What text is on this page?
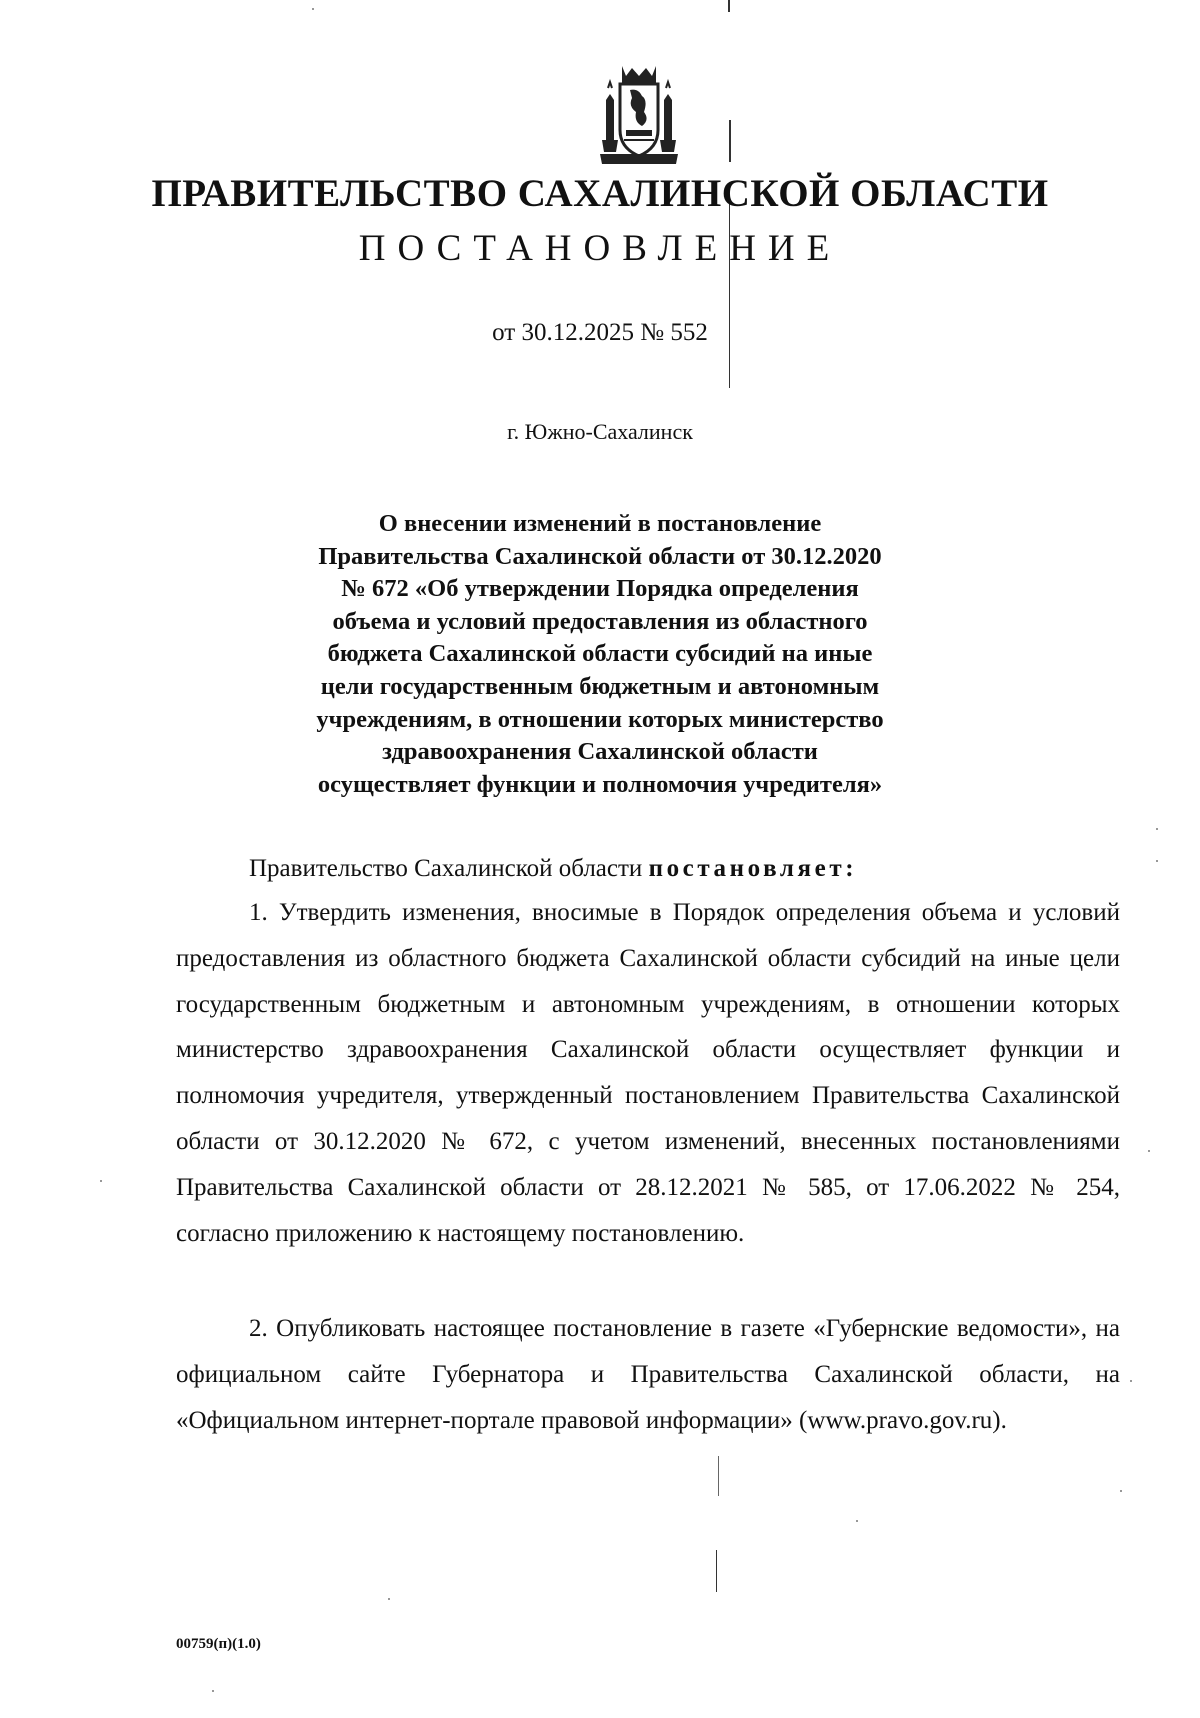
ПРАВИТЕЛЬСТВО САХАЛИНСКОЙ ОБЛАСТИ
ПОСТАНОВЛЕНИЕ
от 30.12.2025 № 552
г. Южно-Сахалинск
О внесении изменений в постановление
Правительства Сахалинской области от 30.12.2020
№ 672 «Об утверждении Порядка определения
объема и условий предоставления из областного
бюджета Сахалинской области субсидий на иные
цели государственным бюджетным и автономным
учреждениям, в отношении которых министерство
здравоохранения Сахалинской области
осуществляет функции и полномочия учредителя»
Правительство Сахалинской области постановляет:
1. Утвердить изменения, вносимые в Порядок определения объема и условий предоставления из областного бюджета Сахалинской области субсидий на иные цели государственным бюджетным и автономным учреждениям, в отношении которых министерство здравоохранения Сахалинской области осуществляет функции и полномочия учредителя, утвержденный постановлением Правительства Сахалинской области от 30.12.2020 № 672, с учетом изменений, внесенных постановлениями Правительства Сахалинской области от 28.12.2021 № 585, от 17.06.2022 № 254, согласно приложению к настоящему постановлению.
2. Опубликовать настоящее постановление в газете «Губернские ведомости», на официальном сайте Губернатора и Правительства Сахалинской области, на «Официальном интернет-портале правовой информации» (www.pravo.gov.ru).
00759(п)(1.0)
